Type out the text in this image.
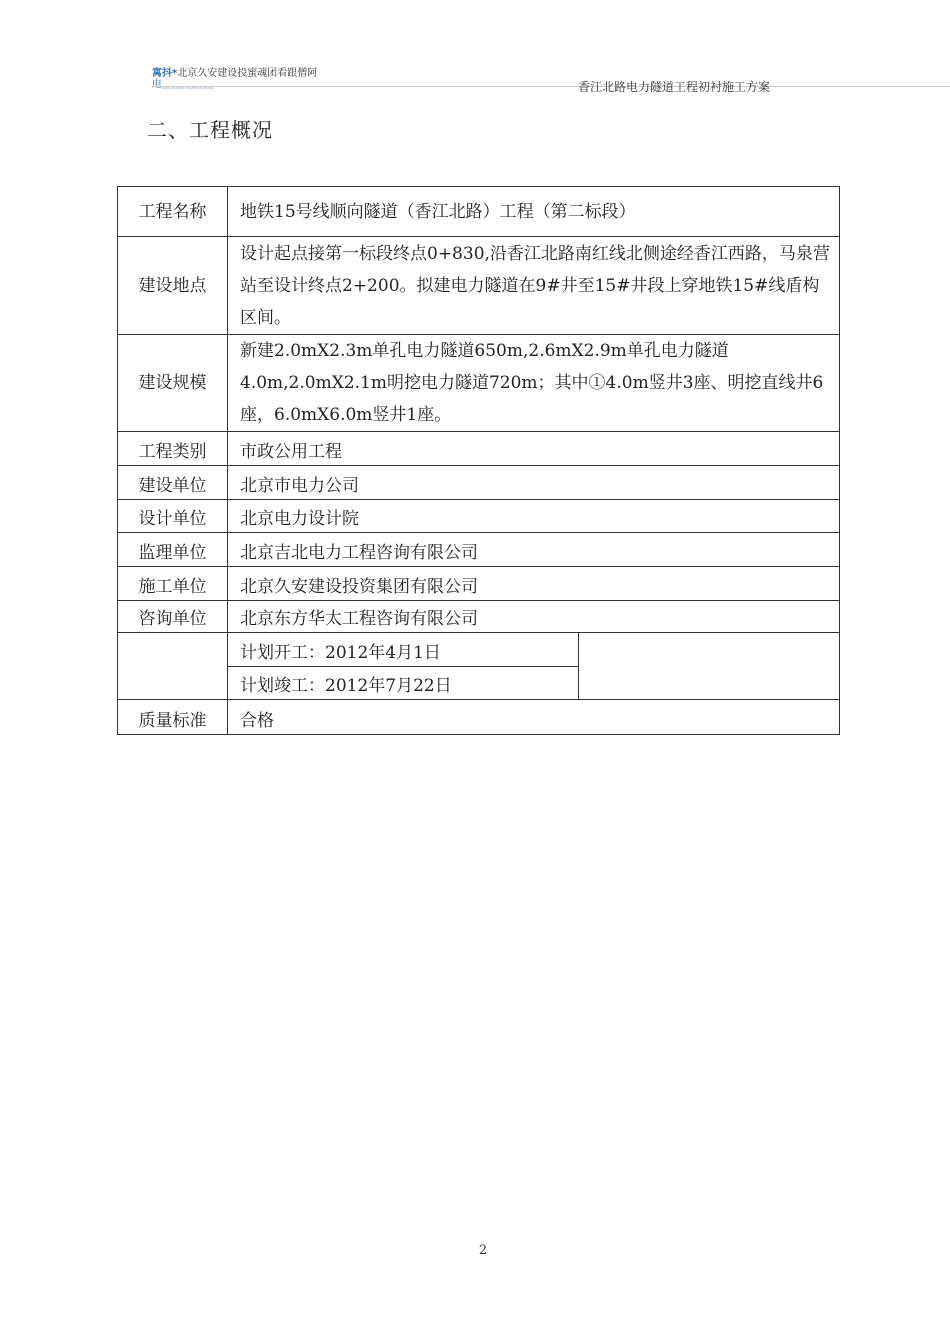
寓抖*北京久安建设投蜜魂团看跟僧阿
电 ooooooooo ooooo oooooo	香江北路电力隧道工程初衬施工方案
二、工程概况
工程名称	地铁15号线顺向隧道（香江北路）工程（第二标段）	
建设地点	设计起点接第一标段终点0+830,沿香江北路南红线北侧途经香江西路，马泉营站至设计终点2+200。拟建电力隧道在9#井至15#井段上穿地铁15#线盾构区间。	
建设规模	新建2.0mX2.3m单孔电力隧道650m,2.6mX2.9m单孔电力隧道4.0m,2.0mX2.1m明挖电力隧道720m；其中①4.0m竖井3座、明挖直线井6座，6.0mX6.0m竖井1座。	
工程类别	市政公用工程	
建设单位	北京市电力公司	
设计单位	北京电力设计院	
监理单位	北京吉北电力工程咨询有限公司	
施工单位	北京久安建设投资集团有限公司	
咨询单位	北京东方华太工程咨询有限公司	
	计划开工：2012年4月1日	
	计划竣工：2012年7月22日	
质量标准	合格	
2
